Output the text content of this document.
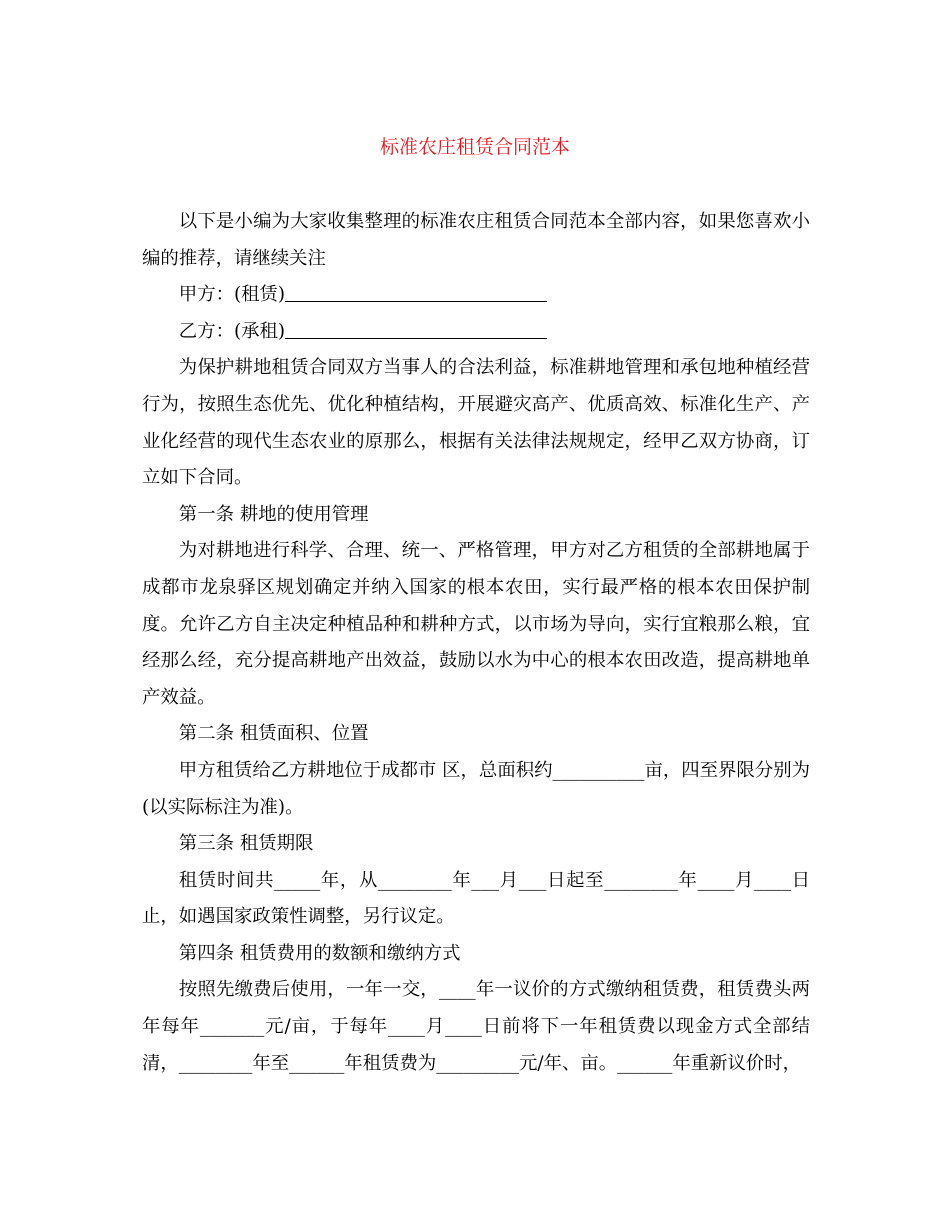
标准农庄租赁合同范本

以下是小编为大家收集整理的标准农庄租赁合同范本全部内容，如果您喜欢小编的推荐，请继续关注

甲方：(租赁)

乙方：(承租)

为保护耕地租赁合同双方当事人的合法利益，标准耕地管理和承包地种植经营行为，按照生态优先、优化种植结构，开展避灾高产、优质高效、标准化生产、产业化经营的现代生态农业的原那么，根据有关法律法规规定，经甲乙双方协商，订立如下合同。

第一条 耕地的使用管理

为对耕地进行科学、合理、统一、严格管理，甲方对乙方租赁的全部耕地属于成都市龙泉驿区规划确定并纳入国家的根本农田，实行最严格的根本农田保护制度。允许乙方自主决定种植品种和耕种方式，以市场为导向，实行宜粮那么粮，宜经那么经，充分提高耕地产出效益，鼓励以水为中心的根本农田改造，提高耕地单产效益。

第二条 租赁面积、位置

甲方租赁给乙方耕地位于成都市 区，总面积约__________亩，四至界限分别为(以实际标注为准)。

第三条 租赁期限

租赁时间共_____年，从________年___月___日起至________年____月____日止，如遇国家政策性调整，另行议定。

第四条 租赁费用的数额和缴纳方式

按照先缴费后使用，一年一交，____年一议价的方式缴纳租赁费，租赁费头两年每年_______元/亩，于每年____月____日前将下一年租赁费以现金方式全部结清，________年至______年租赁费为_________元/年、亩。______年重新议价时，
